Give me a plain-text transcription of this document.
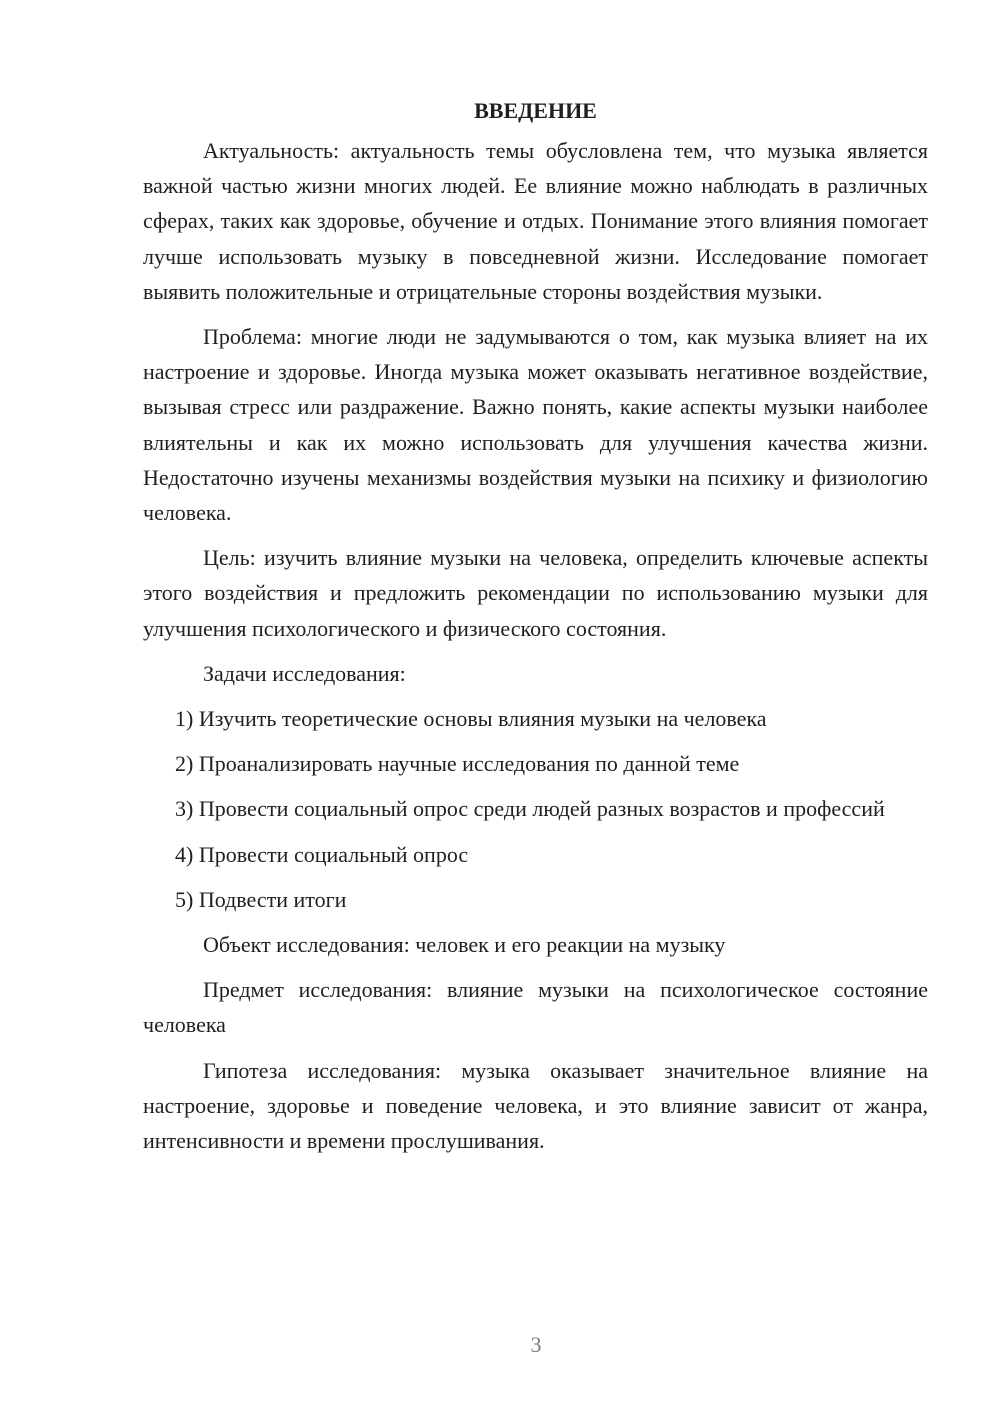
ВВЕДЕНИЕ

Актуальность: актуальность темы обусловлена тем, что музыка является важной частью жизни многих людей. Ее влияние можно наблюдать в различных сферах, таких как здоровье, обучение и отдых. Понимание этого влияния помогает лучше использовать музыку в повседневной жизни. Исследование помогает выявить положительные и отрицательные стороны воздействия музыки.

Проблема: многие люди не задумываются о том, как музыка влияет на их настроение и здоровье. Иногда музыка может оказывать негативное воздействие, вызывая стресс или раздражение. Важно понять, какие аспекты музыки наиболее влиятельны и как их можно использовать для улучшения качества жизни. Недостаточно изучены механизмы воздействия музыки на психику и физиологию человека.

Цель: изучить влияние музыки на человека, определить ключевые аспекты этого воздействия и предложить рекомендации по использованию музыки для улучшения психологического и физического состояния.

Задачи исследования:

1) Изучить теоретические основы влияния музыки на человека

2) Проанализировать научные исследования по данной теме

3) Провести социальный опрос среди людей разных возрастов и профессий

4) Провести социальный опрос

5) Подвести итоги

Объект исследования: человек и его реакции на музыку

Предмет исследования: влияние музыки на психологическое состояние человека

Гипотеза исследования: музыка оказывает значительное влияние на настроение, здоровье и поведение человека, и это влияние зависит от жанра, интенсивности и времени прослушивания.

3
